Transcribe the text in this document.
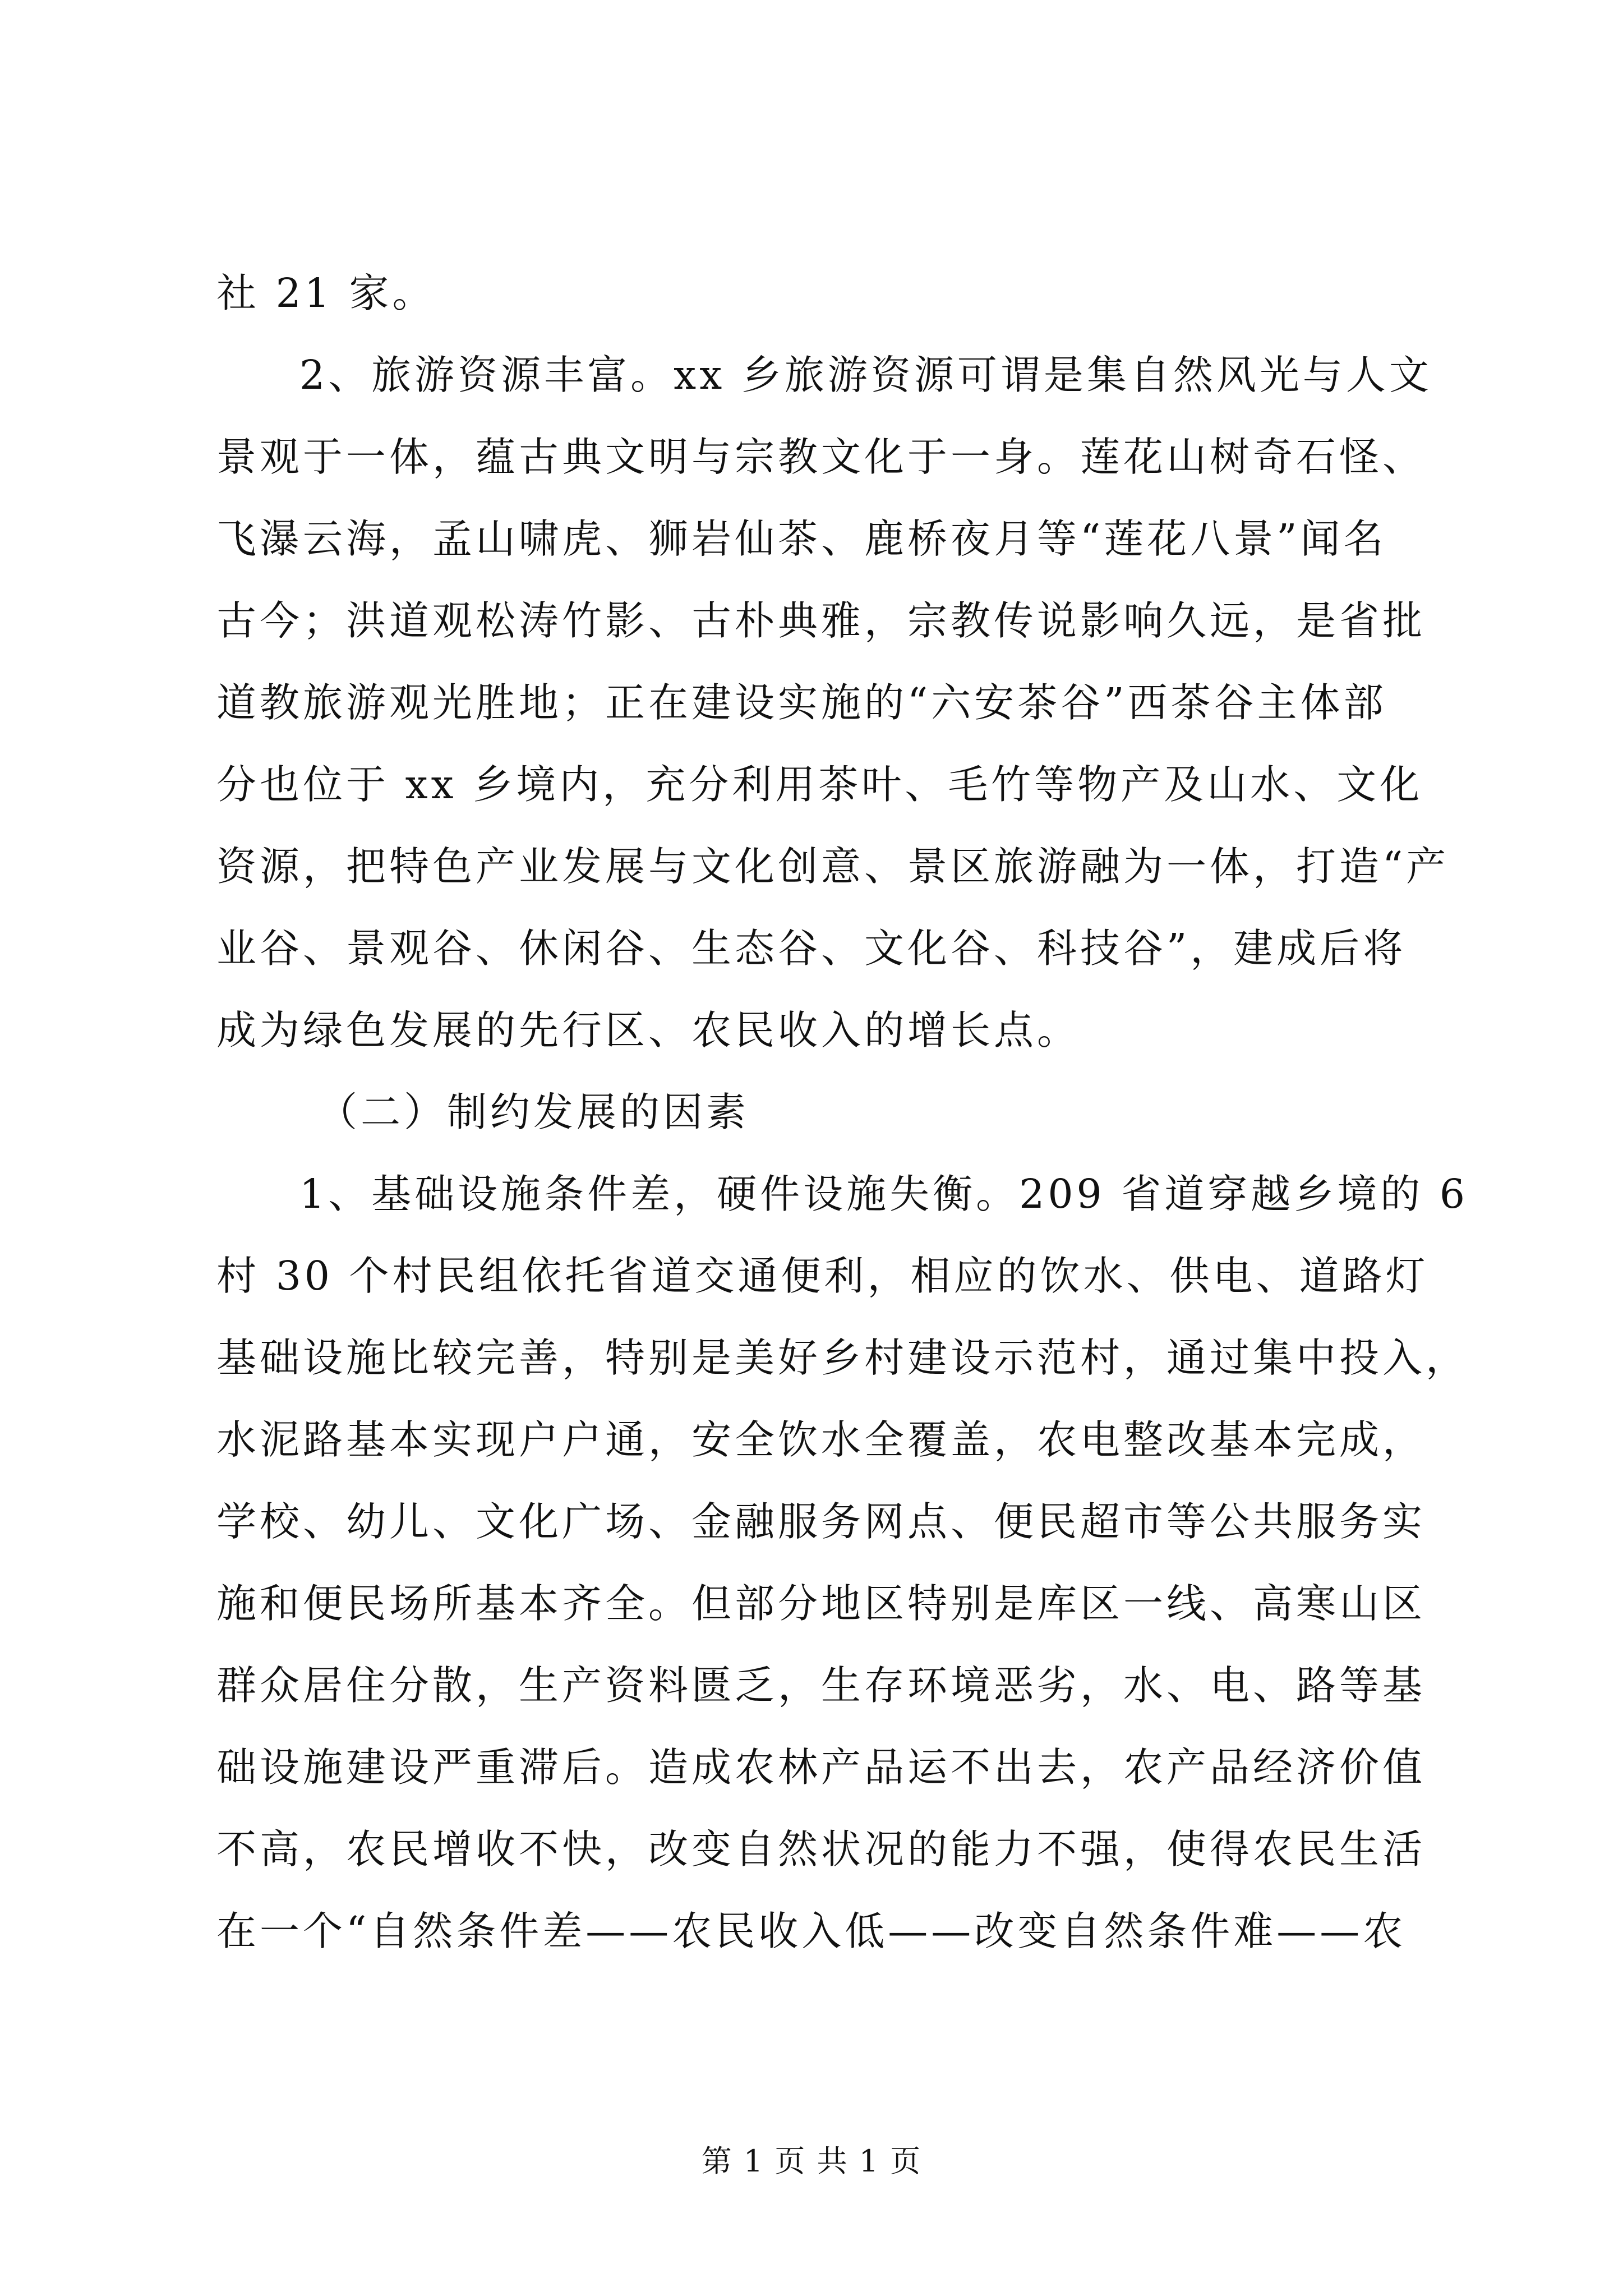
社 21 家。
2、旅游资源丰富。xx 乡旅游资源可谓是集自然风光与人文
景观于一体，蕴古典文明与宗教文化于一身。莲花山树奇石怪、
飞瀑云海，孟山啸虎、狮岩仙茶、鹿桥夜月等“莲花八景”闻名
古今；洪道观松涛竹影、古朴典雅，宗教传说影响久远，是省批
道教旅游观光胜地；正在建设实施的“六安茶谷”西茶谷主体部
分也位于 xx 乡境内，充分利用茶叶、毛竹等物产及山水、文化
资源，把特色产业发展与文化创意、景区旅游融为一体，打造“产
业谷、景观谷、休闲谷、生态谷、文化谷、科技谷”，建成后将
成为绿色发展的先行区、农民收入的增长点。
（二）制约发展的因素
1、基础设施条件差，硬件设施失衡。209 省道穿越乡境的 6
村 30 个村民组依托省道交通便利，相应的饮水、供电、道路灯
基础设施比较完善，特别是美好乡村建设示范村，通过集中投入，
水泥路基本实现户户通，安全饮水全覆盖，农电整改基本完成，
学校、幼儿、文化广场、金融服务网点、便民超市等公共服务实
施和便民场所基本齐全。但部分地区特别是库区一线、高寒山区
群众居住分散，生产资料匮乏，生存环境恶劣，水、电、路等基
础设施建设严重滞后。造成农林产品运不出去，农产品经济价值
不高，农民增收不快，改变自然状况的能力不强，使得农民生活
在一个“自然条件差——农民收入低——改变自然条件难——农
第 1 页 共 1 页
